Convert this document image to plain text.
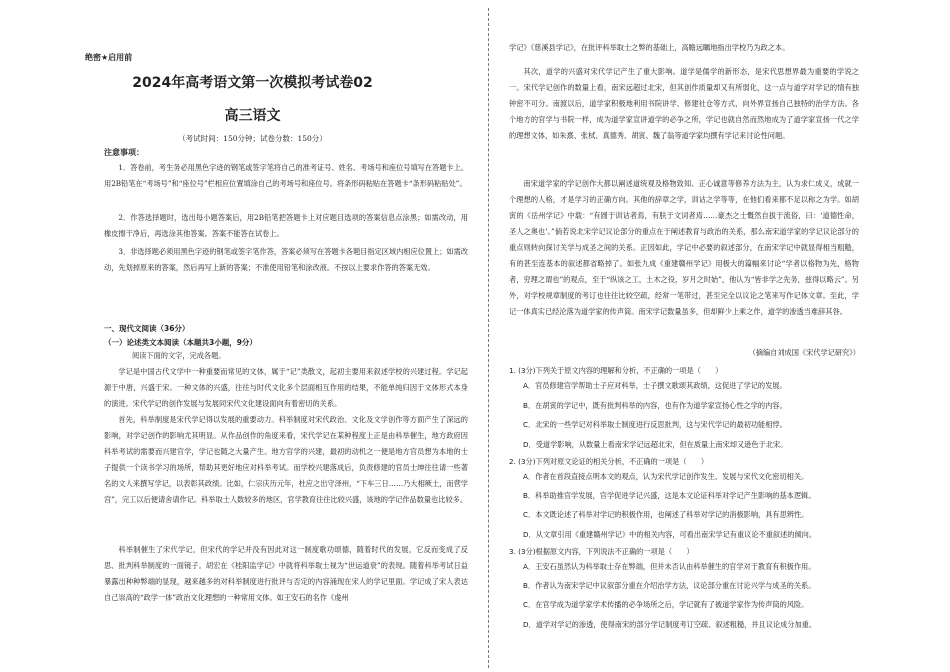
绝密★启用前
2024年高考语文第一次模拟考试卷02
高三语文
（考试时间：150分钟；试卷分数：150分）
注意事项：
1．答卷前，考生务必用黑色字迹的钢笔或签字笔将自己的准考证号、姓名、考场号和座位号填写在答题卡上。用2B铅笔在“考场号”和“座位号”栏相应位置填涂自己的考场号和座位号。将条形码粘贴在答题卡“条形码粘贴处”。
2．作答选择题时，选出每小题答案后，用2B铅笔把答题卡上对应题目选项的答案信息点涂黑；如需改动，用橡皮擦干净后，再选涂其他答案。答案不能答在试卷上。
3．非选择题必须用黑色字迹的钢笔或签字笔作答，答案必须写在答题卡各题目指定区域内相应位置上；如需改动，先划掉原来的答案，然后再写上新的答案；不准使用铅笔和涂改液。不按以上要求作答的答案无效。
一、现代文阅读（36分）
（一）论述类文本阅读（本题共3小题，9分）
阅读下面的文字，完成各题。
学记是中国古代文学中一种重要而常见的文体，属于“记”类散文，起初主要用来叙述学校的兴建过程。学记起源于中唐，兴盛于宋。一种文体的兴盛，往往与时代文化多个层面相互作用的结果，不能单纯归因于文体形式本身的演进。宋代学记的创作发展与发展同宋代文化建设面向有着密切的关系。
首先，科举制度是宋代学记得以发展的重要动力。科举制度对宋代政治、文化及文学创作等方面产生了深远的影响，对学记创作的影响尤其明显。从作品创作的角度来看，宋代学记在某种程度上正是由科举催生，地方政府因科举考试的需要而兴建官学，学记也随之大量产生。地方官学的兴建，最初的动机之一便是地方官员想为本地的士子提供一个读书学习的场所，帮助其更好地应对科举考试。而学校兴建落成后，负责修建的官员士绅往往请一些著名的文人来撰写学记，以表彰其政绩。比如，仁宗庆历元年，杜应之出守泽州，“下车三日……乃大相厥土，而营学宫”，完工以后便请舍请作记。科举取士人数较多的地区，官学教育往往比较兴盛，该地的学记作品数量也比较多。
科举制催生了宋代学记，但宋代的学记并没有因此对这一制度歌功颂德，随着时代的发展，它反而变成了反思、批判科举制度的一面镜子。胡宏在《桂阳监学记》中就将科举取士视为“世运道衰”的表现。随着科举考试日益暴露出种种弊端的显现，越来越多的对科举制度进行批评与否定的内容涌现在宋人的学记里面。学记成了宋人表达自己崇高的“政学一体”政治文化理想的一种常用文体。如王安石的名作《虔州
学记》《慈溪县学记》，在批评科举取士之弊的基础上，高瞻远瞩地指出学校乃为政之本。
其次，道学的兴盛对宋代学记产生了重大影响。道学是儒学的新形态，是宋代思想界最为重要的学说之一。宋代学记创作的数量上看，南宋远超过北宋，但其创作质量却又有所弱化，这一点与道学对学记的情有独钟密不可分。南渡以后，道学家积极地利用书院讲学、修建社仓等方式，向外界宣扬自己独特的治学方法。各个地方的官学与书院一样，成为道学家宣讲道学的必争之所，学记也就自然而然地成为了道学家宣扬一代之学的理想文体，如朱熹、张栻、真德秀、胡寅、魏了翁等道学家均撰有学记来讨论性问题。
南宋道学家的学记创作大都以阐述道统观及格物致知、正心诚意等修养方法为主，认为求仁成义，成就一个理想的人格，才是学习的正确方向。其他的辞章之学，训诂之学等等，在他们看来都不足以称之为学。如胡寅的《岳州学记》中载：“有圆于训诂者焉，有肤于文词者焉……豪杰之士慨然自拔于流俗，曰：‘道德性命，圣人之奥也’。”倘若说北宋学记议论部分的重点在于阐述教育与政治的关系，那么南宋道学家的学记议论部分的重点则转向探讨关学与成圣之间的关系。正因如此，学记中必要的叙述部分，在南宋学记中就显得相当粗糙，有的甚至连基本的叙述都省略掉了。如张九成《重建赣州学记》用极大的篇幅来讨论“学者以格物为先，格物者，穷理之谓也”的观点，至于“纵该之工，土木之役，岁月之时始”，他认为“皆非学之先务，兹得以略云”。另外，对学校规章制度的考订也往往比较空疏，经常一笔带过，甚至完全以议论之笔来写作记体文章。至此，学记一体真实已经沦落为道学家的传声筒。南宋学记数量虽多，但却鲜少上乘之作，道学的渗透当难辞其咎。
（摘编自刘成国《宋代学记研究》）
1. (3分)下列关于原文内容的理解和分析，不正确的一项是（　　）
A．官员修建官学帮助士子应对科举，士子撰文歌颂其政绩，这促进了学记的发展。
B．在胡寅的学记中，既有批判科举的内容，也有作为道学家宣扬心性之学的内容。
C．北宋的一些学记对科举取士制度进行反思批判，这与宋代学记的最初功能相悖。
D．受道学影响，从数量上看南宋学记远超北宋，但在质量上南宋却又逊色于北宋。
2. (3分)下列对原文论证的相关分析，不正确的一项是（　　）
A．作者在首段直接点明本文的观点，认为宋代学记创作发生、发展与宋代文化密切相关。
B．科举助推官学发展，官学促进学记兴盛，这是本文论证科举对学记产生影响的基本逻辑。
C．本文既论述了科举对学记的积极作用，也阐述了科举对学记的消极影响，具有思辨性。
D．从文章引用《重建赣州学记》中的相关内容，可看出南宋学记有重议论不重叙述的倾向。
3. (3分)根据原文内容，下列说法不正确的一项是（　　）
A．王安石虽然认为科举取士存在弊端，但并未否认由科举催生的官学对于教育有积极作用。
B．作者认为南宋学记中议叙部分重在介绍治学方法，议论部分重在讨论兴学与成圣的关系。
C．在官学成为道学家学术传播的必争场所之后，学记就有了被道学家作为传声筒的风险。
D．道学对学记的渗透，使得南宋的部分学记制度考订空疏、叙述粗糙，并且议论成分加重。
